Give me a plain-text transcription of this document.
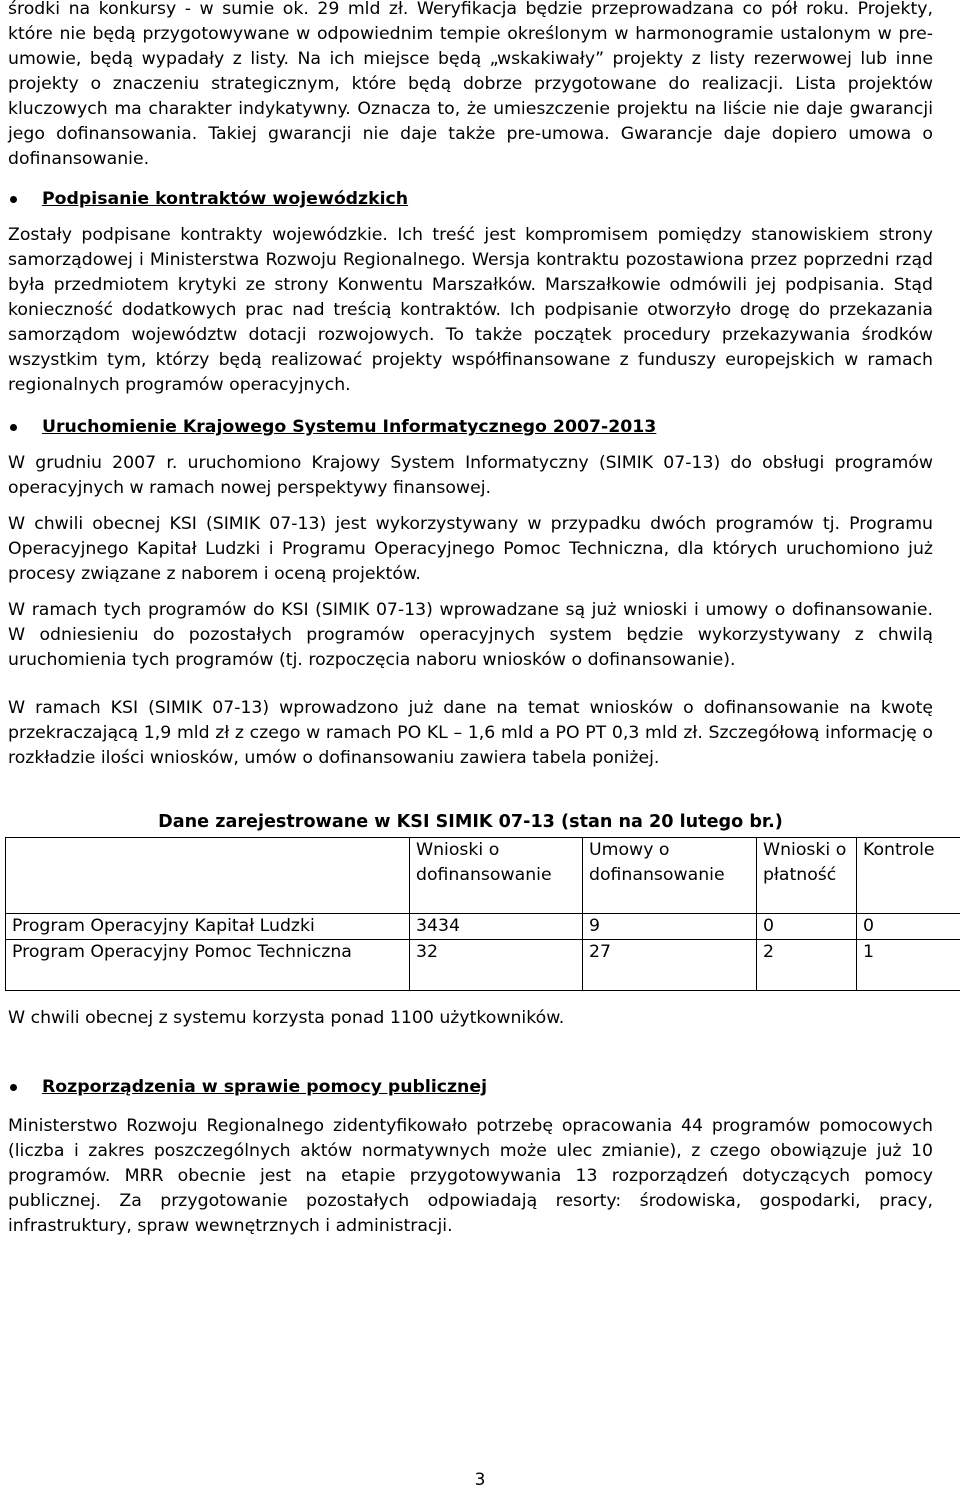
środki na konkursy - w sumie ok. 29 mld zł. Weryfikacja będzie przeprowadzana co pół roku. Projekty, które nie będą przygotowywane w odpowiednim tempie określonym w harmonogramie ustalonym w pre-umowie, będą wypadały z listy. Na ich miejsce będą „wskakiwały” projekty z listy rezerwowej lub inne projekty o znaczeniu strategicznym, które będą dobrze przygotowane do realizacji. Lista projektów kluczowych ma charakter indykatywny. Oznacza to, że umieszczenie projektu na liście nie daje gwarancji jego dofinansowania. Takiej gwarancji nie daje także pre-umowa. Gwarancje daje dopiero umowa o dofinansowanie.

Podpisanie kontraktów wojewódzkich

Zostały podpisane kontrakty wojewódzkie. Ich treść jest kompromisem pomiędzy stanowiskiem strony samorządowej i Ministerstwa Rozwoju Regionalnego. Wersja kontraktu pozostawiona przez poprzedni rząd była przedmiotem krytyki ze strony Konwentu Marszałków. Marszałkowie odmówili jej podpisania. Stąd konieczność dodatkowych prac nad treścią kontraktów. Ich podpisanie otworzyło drogę do przekazania samorządom województw dotacji rozwojowych. To także początek procedury przekazywania środków wszystkim tym, którzy będą realizować projekty współfinansowane z funduszy europejskich w ramach regionalnych programów operacyjnych.

Uruchomienie Krajowego Systemu Informatycznego 2007-2013

W grudniu 2007 r. uruchomiono Krajowy System Informatyczny (SIMIK 07-13) do obsługi programów operacyjnych w ramach nowej perspektywy finansowej.

W chwili obecnej KSI (SIMIK 07-13) jest wykorzystywany w przypadku dwóch programów tj. Programu Operacyjnego Kapitał Ludzki i Programu Operacyjnego Pomoc Techniczna, dla których uruchomiono już procesy związane z naborem i oceną projektów.

W ramach tych programów do KSI (SIMIK 07-13) wprowadzane są już wnioski i umowy o dofinansowanie. W odniesieniu do pozostałych programów operacyjnych system będzie wykorzystywany z chwilą uruchomienia tych programów (tj. rozpoczęcia naboru wniosków o dofinansowanie).

W ramach KSI (SIMIK 07-13) wprowadzono już dane na temat wniosków o dofinansowanie na kwotę przekraczającą 1,9 mld zł z czego w ramach PO KL – 1,6 mld a PO PT 0,3 mld zł. Szczegółową informację o rozkładzie ilości wniosków, umów o dofinansowaniu zawiera tabela poniżej.

Dane zarejestrowane w KSI SIMIK 07-13 (stan na 20 lutego br.)
	Wnioski o dofinansowanie	Umowy o dofinansowanie	Wnioski o płatność	Kontrole
Program Operacyjny Kapitał Ludzki	3434	9	0	0
Program Operacyjny Pomoc Techniczna	32	27	2	1

W chwili obecnej z systemu korzysta ponad 1100 użytkowników.

Rozporządzenia w sprawie pomocy publicznej

Ministerstwo Rozwoju Regionalnego zidentyfikowało potrzebę opracowania 44 programów pomocowych (liczba i zakres poszczególnych aktów normatywnych może ulec zmianie), z czego obowiązuje już 10 programów. MRR obecnie jest na etapie przygotowywania 13 rozporządzeń dotyczących pomocy publicznej. Za przygotowanie pozostałych odpowiadają resorty: środowiska, gospodarki, pracy, infrastruktury, spraw wewnętrznych i administracji.

3
